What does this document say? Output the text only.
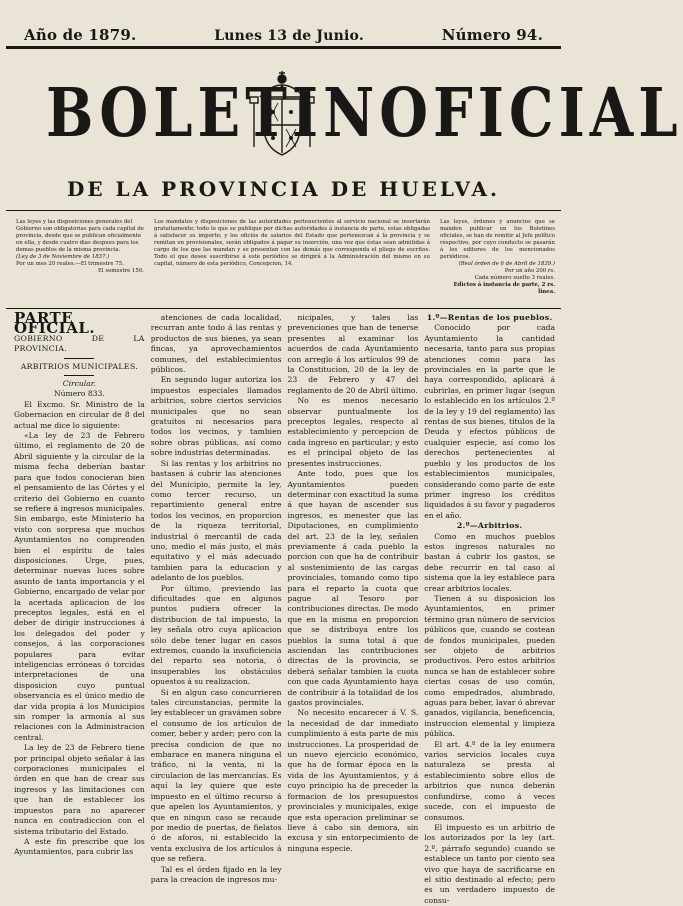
Año de 1879.	Lunes 13 de Junio.	Número 94.
BOLETIN OFICIAL
DE LA PROVINCIA DE HUELVA.
Las leyes y las disposiciones generales del Gobierno son obligatorias para cada capital de provincia, desde que se publican oficialmente en ella, y desde cuatro dias despues para los demas pueblos de la misma provincia.
(Ley de 3 de Noviembre de 1837.)
Por un mes 20 reales.—El trimestre 75.
El semestre 150.
Los mandatos y disposiciones de las autoridades pertenecientes al servicio nacional se insertarán gratuitamente; todo lo que se publique por dichas autoridades á instancia de parte, estas obligadas á satisfacer su importe; y los oficios de salarios del Estado que pertenezcan á la provincia y se remitan en provisionales, serán obligados á pagar su inserción, una vez que éstas sean admitidas á cargo de los que las mandan y se presentan con las demás que corresponda el pliego de escritos. Todo el que desee suscribirse á este periódico se dirigirá á la Administración del mismo en su capital, número de esta periódico, Concepcion, 14.
Las leyes, órdenes y anuncios que se manden publicar en los Boletines oficiales, se han de remitir al Jefe político respectivo, por cuyo conducto se pasarán á los editores de los mencionados periódicos.
(Real órden de 6 de Abril de 1839.)
Por un año 200 rs.
Cada número suelto 3 reales.
Edictos á instancia de parte, 2 rs. linea.

PARTE OFICIAL.

GOBIERNO DE LA PROVINCIA.

ARBITRIOS MUNICIPALES.

Circular.

Número 833.

El Excmo. Sr. Ministro de la Gobernacion en circular de 8 del actual me dice lo siguiente:

«La ley de 23 de Febrero último, el reglamento de 20 de Abril siguiente y la circular de la misma fecha deberían bastar para que todos conocieran bien el pensamiento de las Córtes y el criterio del Gobierno en cuanto se refiere á ingresos municipales. Sin embargo, este Ministerio ha visto con sorpresa que muchos Ayuntamientos no comprenden bien el espíritu de tales disposiciones. Urge, pues, determinar nuevas luces sobre asunto de tanta importancia y el Gobierno, encargado de velar por la acertada aplicacion de los preceptos legales, está en el deber de dirigir instrucciones á los delegados del poder y consejos, á las corporaciones populares para evitar inteligencias erróneas ó torcidas interpretaciones de una disposicion cuyo puntual observancia es el único medio de dar vida propia á los Municipios sin romper la armonía al sus relaciones con la Administracion central.

La ley de 23 de Febrero tiene por principal objeto señalar á las corporaciones municipales el órden en que han de crear sus ingresos y las limitaciones con que han de establecer los impuestos para no aparecer nunca en contradiccion con el sistema tributario del Estado.

A este fin prescribe que los Ayuntamientos, para cubrir las

atenciones de cada localidad, recurran ante todo á las rentas y productos de sus bienes, ya sean fincas, ya aprovechamientos comunes, del establecimientos públicos.

En segundo lugar autoriza los impuestos especiales llamados arbitrios, sobre ciertos servicios municipales que no sean gratuitos ni necesarios para todos los vecinos, y tambien sobre obras públicas, así como sobre industrias determinadas.

Si las rentas y los arbitrios no bastasen á cubrir las atenciones del Municipio, permite la ley, como tercer recurso, un repartimiento general entre todos los vecinos, en proporcion de la riqueza territorial, industrial ó mercantil de cada uno, medio el más justo, el más equitativo y el más adecuado tambien para la educacion y adelanto de los pueblos.

Por último, previendo las dificultades que en algunos puntos pudiera ofrecer la distribucion de tal impuesto, la ley señala otro cuya aplicacion sólo debe tener lugar en casos extremos, cuando la insuficiencia del reparto sea notoria, ó insuperables los obstáculos opuestos á su realizacion.

Si en algun caso concurrieren tales circunstancias, permite la ley establecer un gravámen sobre el consumo de los artículos de comer, beber y arder; pero con la precisa condicion de que no embarace en manera ninguna el tráfico, ni la venta, ni la circulacion de las mercancías. Es aquí la ley quiere que este impuesto en el último recurso á que apelen los Ayuntamientos, y que en ningun caso se recaude por medio de puertas, de fielatos ó de aforos, ni establecido la venta exclusiva de los artículos á que se refiera.

Tal es el órden fijado en la ley para la creacion de ingresos mu-

nicipales, y tales las prevenciones que han de tenerse presentes al examinar los acuerdos de cada Ayuntamiento con arreglo á los artículos 99 de la Constitucion, 20 de la ley de 23 de Febrero y 47 del reglamento de 20 de Abril último.

No es menos necesario observar puntualmente los preceptos legales, respecto al establecimiento y percepcion de cada ingreso en particular; y esto es el principal objeto de las presentes instrucciones.

Ante todo, pues que los Ayuntamientos pueden determinar con exactitud la suma á que hayan de ascender sus ingresos, es menester que las Diputaciones, en cumplimiento del art. 23 de la ley, señalen previamente á cada pueblo la porcion con que ha de contribuir al sostenimiento de las cargas provinciales, tomando como tipo para el reparto la cuota que pague al Tesoro por contribuciones directas. De modo que en la misma en proporcion que se distribuya entre los pueblos la suma total á que asciendan las contribuciones directas de la provincia, se deberá señalar tambien la cuota con que cada Ayuntamiento haya de contribuir á la totalidad de los gastos provinciales.

No necesito encarecer á V. S. la necesidad de dar inmediato cumplimiento á esta parte de mis instrucciones. La prosperidad de un nuevo ejercicio económico, que ha de formar época en la vida de los Ayuntamientos, y á cuyo principio ha de preceder la formacion de los presupuestos provinciales y municipales, exige que esta operacion preliminar se lleve á cabo sin demora, sin excusa y sin entorpecimiento de ninguna especie.

1.º—Rentas de los pueblos.

Conocido por cada Ayuntamiento la cantidad necesaria, tanto para sus propias atenciones como para las provinciales en la parte que le haya correspondido, aplicará á cubrirlas, en primer lugar (segun lo establecido en los artículos 2.º de la ley y 19 del reglamento) las rentas de sus bienes, títulos de la Deuda y efectos públicos de cualquier especie, así como los derechos pertenecientes al pueblo y los productos de los establecimientos municipales, considerando como parte de este primer ingreso los créditos liquidados á su favor y pagaderos en el año.

2.º—Arbitrios.

Como en muchos pueblos estos ingresos naturales no bastan á cubrir los gastos, se debe recurrir en tal caso al sistema que la ley establece para crear arbitrios locales.

Tienen á su disposicion los Ayuntamientos, en primer término gran número de servicios públicos que, cuando se costean de fondos municipales, pueden ser objeto de arbitrios productivos. Pero estos arbitrios nunca se han de establecer sobre ciertas cosas de uso común, como empedrados, alumbrado, aguas para beber, lavar ó abrevar ganados, vigilancia, beneficencia, instruccion elemental y limpieza pública.

El art. 4.º de la ley enumera varios servicios locales cuya naturaleza se presta al establecimiento sobre ellos de arbitrios que nunca deberán confundirse, como á veces sucede, con el impuesto de consumos.

El impuesto es un arbitrio de los autorizados por la ley (art. 2.º, párrafo segundo) cuando se establece un tanto por ciento sea vivo que haya de sacrificarse en el sitio destinado al efecto; pero es un verdadero impuesto de consu-
